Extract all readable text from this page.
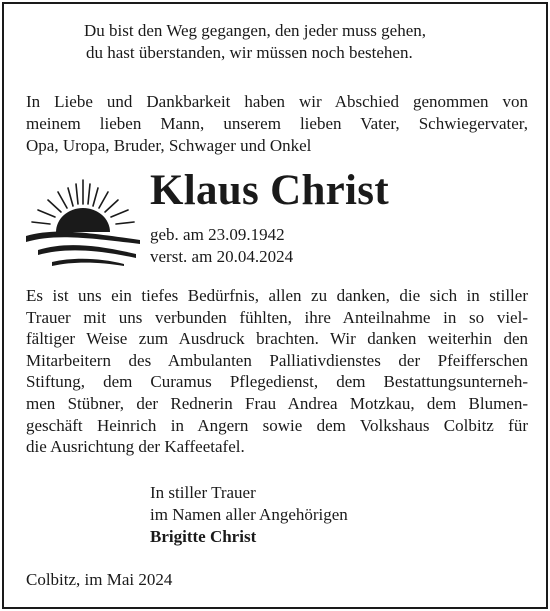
Du bist den Weg gegangen, den jeder muss gehen,
du hast überstanden, wir müssen noch bestehen.
In Liebe und Dankbarkeit haben wir Abschied genommen von
meinem lieben Mann, unserem lieben Vater, Schwiegervater,
Opa, Uropa, Bruder, Schwager und Onkel
Klaus Christ
geb. am 23.09.1942
verst. am 20.04.2024
Es ist uns ein tiefes Bedürfnis, allen zu danken, die sich in stiller
Trauer mit uns verbunden fühlten, ihre Anteilnahme in so viel-
fältiger Weise zum Ausdruck brachten. Wir danken weiterhin den
Mitarbeitern des Ambulanten Palliativdienstes der Pfeifferschen
Stiftung, dem Curamus Pflegedienst, dem Bestattungsunterneh-
men Stübner, der Rednerin Frau Andrea Motzkau, dem Blumen-
geschäft Heinrich in Angern sowie dem Volkshaus Colbitz für
die Ausrichtung der Kaffeetafel.
In stiller Trauer
im Namen aller Angehörigen
Brigitte Christ
Colbitz, im Mai 2024
